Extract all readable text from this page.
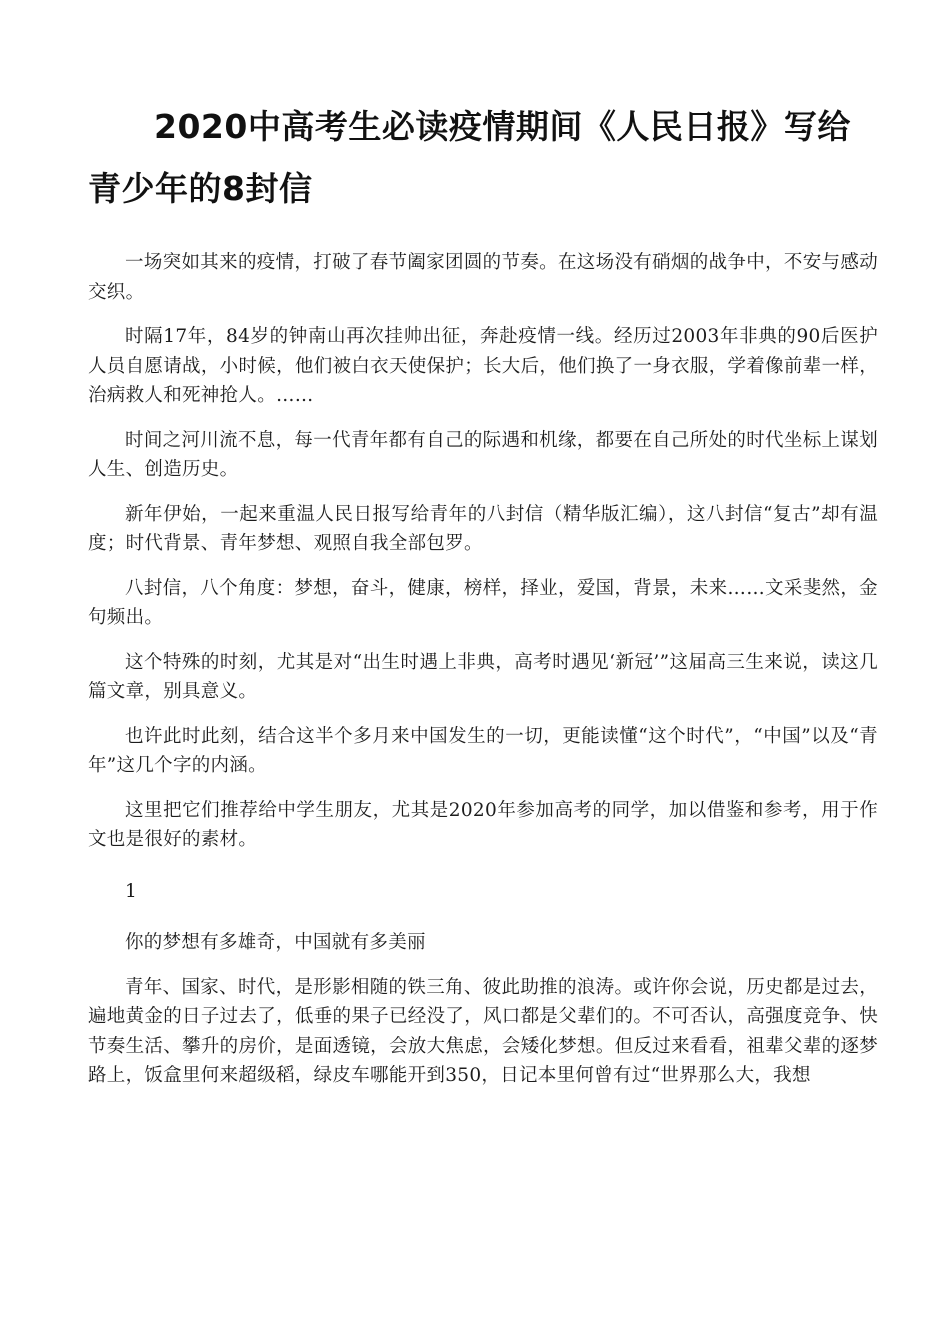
2020中高考生必读疫情期间《人民日报》写给青少年的8封信

一场突如其来的疫情，打破了春节阖家团圆的节奏。在这场没有硝烟的战争中，不安与感动交织。

时隔17年，84岁的钟南山再次挂帅出征，奔赴疫情一线。经历过2003年非典的90后医护人员自愿请战，小时候，他们被白衣天使保护；长大后，他们换了一身衣服，学着像前辈一样，治病救人和死神抢人。……

时间之河川流不息，每一代青年都有自己的际遇和机缘，都要在自己所处的时代坐标上谋划人生、创造历史。

新年伊始，一起来重温人民日报写给青年的八封信（精华版汇编），这八封信“复古”却有温度；时代背景、青年梦想、观照自我全部包罗。

八封信，八个角度：梦想，奋斗，健康，榜样，择业，爱国，背景，未来……文采斐然，金句频出。

这个特殊的时刻，尤其是对“出生时遇上非典，高考时遇见‘新冠’”这届高三生来说，读这几篇文章，别具意义。

也许此时此刻，结合这半个多月来中国发生的一切，更能读懂“这个时代”，“中国”以及“青年”这几个字的内涵。

这里把它们推荐给中学生朋友，尤其是2020年参加高考的同学，加以借鉴和参考，用于作文也是很好的素材。

1

你的梦想有多雄奇，中国就有多美丽

青年、国家、时代，是形影相随的铁三角、彼此助推的浪涛。或许你会说，历史都是过去，遍地黄金的日子过去了，低垂的果子已经没了，风口都是父辈们的。不可否认，高强度竞争、快节奏生活、攀升的房价，是面透镜，会放大焦虑，会矮化梦想。但反过来看看，祖辈父辈的逐梦路上，饭盒里何来超级稻，绿皮车哪能开到350，日记本里何曾有过“世界那么大，我想
